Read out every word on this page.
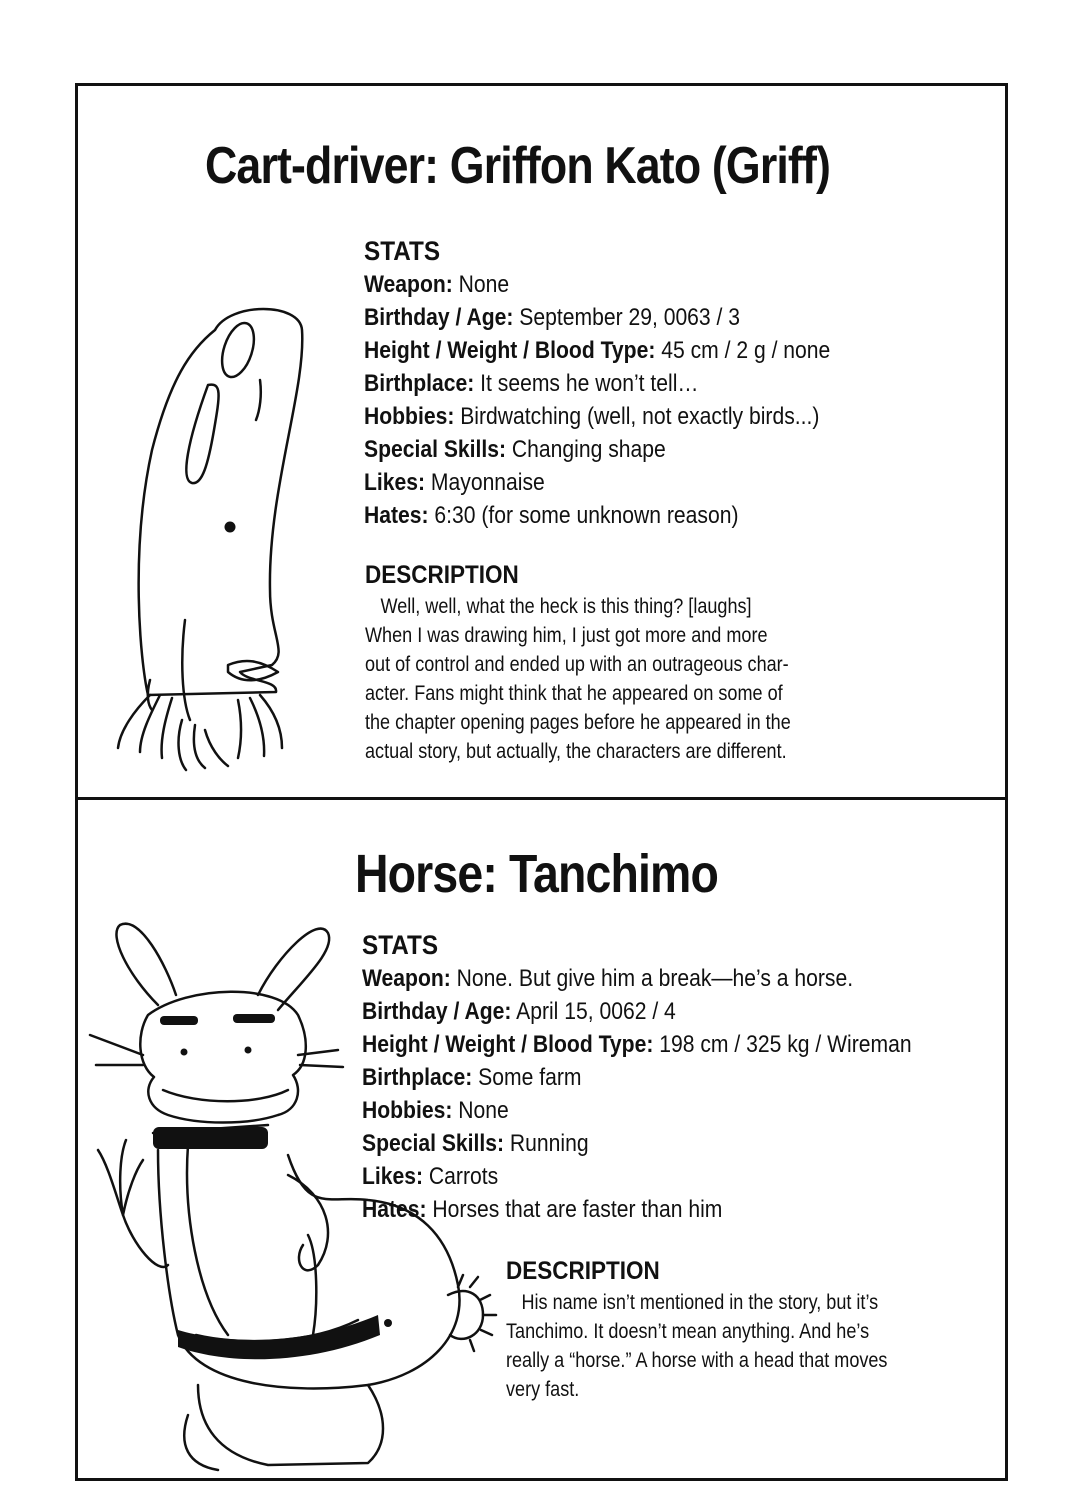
Cart-driver: Griffon Kato (Griff)
STATS
Weapon: None
Birthday / Age: September 29, 0063 / 3
Height / Weight / Blood Type: 45 cm / 2 g / none
Birthplace: It seems he won’t tell…
Hobbies: Birdwatching (well, not exactly birds...)
Special Skills: Changing shape
Likes: Mayonnaise
Hates: 6:30 (for some unknown reason)
DESCRIPTION
Well, well, what the heck is this thing? [laughs]
When I was drawing him, I just got more and more
out of control and ended up with an outrageous char-
acter. Fans might think that he appeared on some of
the chapter opening pages before he appeared in the
actual story, but actually, the characters are different.
Horse: Tanchimo
STATS
Weapon: None. But give him a break—he’s a horse.
Birthday / Age: April 15, 0062 / 4
Height / Weight / Blood Type: 198 cm / 325 kg / Wireman
Birthplace: Some farm
Hobbies: None
Special Skills: Running
Likes: Carrots
Hates: Horses that are faster than him
DESCRIPTION
His name isn’t mentioned in the story, but it’s
Tanchimo. It doesn’t mean anything. And he’s
really a “horse.” A horse with a head that moves
very fast.
